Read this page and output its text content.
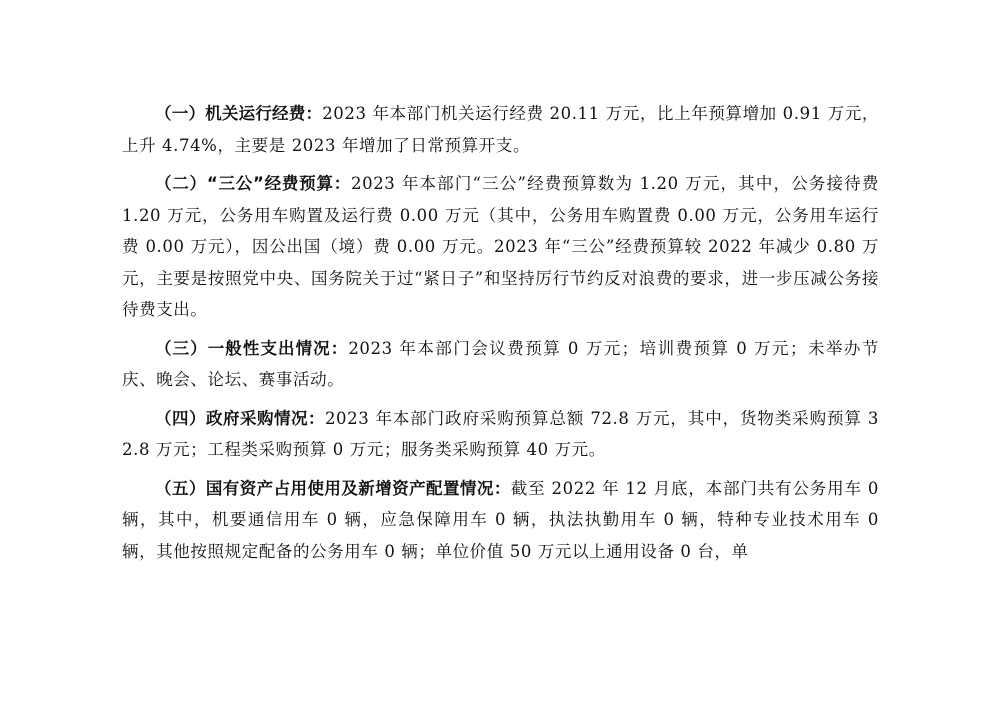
（一）机关运行经费：2023 年本部门机关运行经费 20.11 万元，比上年预算增加 0.91 万元，上升 4.74%，主要是 2023 年增加了日常预算开支。

（二）“三公”经费预算：2023 年本部门“三公”经费预算数为 1.20 万元，其中，公务接待费 1.20 万元，公务用车购置及运行费 0.00 万元（其中，公务用车购置费 0.00 万元，公务用车运行费 0.00 万元），因公出国（境）费 0.00 万元。2023 年“三公”经费预算较 2022 年减少 0.80 万元，主要是按照党中央、国务院关于过“紧日子”和坚持厉行节约反对浪费的要求，进一步压减公务接待费支出。

（三）一般性支出情况：2023 年本部门会议费预算 0 万元；培训费预算 0 万元；未举办节庆、晚会、论坛、赛事活动。

（四）政府采购情况：2023 年本部门政府采购预算总额 72.8 万元，其中，货物类采购预算 32.8 万元；工程类采购预算 0 万元；服务类采购预算 40 万元。

（五）国有资产占用使用及新增资产配置情况：截至 2022 年 12 月底，本部门共有公务用车 0 辆，其中，机要通信用车 0 辆，应急保障用车 0 辆，执法执勤用车 0 辆，特种专业技术用车 0 辆，其他按照规定配备的公务用车 0 辆；单位价值 50 万元以上通用设备 0 台，单
